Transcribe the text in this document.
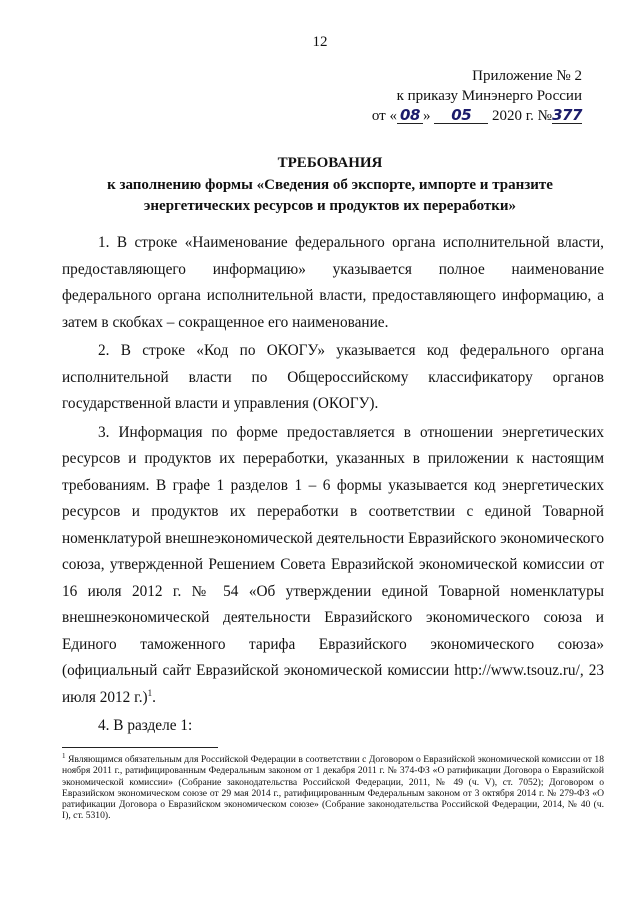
12
Приложение № 2
к приказу Минэнерго России
от « 08 » 05 2020 г. №377
ТРЕБОВАНИЯ
к заполнению формы «Сведения об экспорте, импорте и транзите
энергетических ресурсов и продуктов их переработки»

1. В строке «Наименование федерального органа исполнительной власти, предоставляющего информацию» указывается полное наименование федерального органа исполнительной власти, предоставляющего информацию, а затем в скобках – сокращенное его наименование.

2. В строке «Код по ОКОГУ» указывается код федерального органа исполнительной власти по Общероссийскому классификатору органов государственной власти и управления (ОКОГУ).

3. Информация по форме предоставляется в отношении энергетических ресурсов и продуктов их переработки, указанных в приложении к настоящим требованиям. В графе 1 разделов 1 – 6 формы указывается код энергетических ресурсов и продуктов их переработки в соответствии с единой Товарной номенклатурой внешнеэкономической деятельности Евразийского экономического союза, утвержденной Решением Совета Евразийской экономической комиссии от 16 июля 2012 г. № 54 «Об утверждении единой Товарной номенклатуры внешнеэкономической деятельности Евразийского экономического союза и Единого таможенного тарифа Евразийского экономического союза» (официальный сайт Евразийской экономической комиссии http://www.tsouz.ru/, 23 июля 2012 г.)$^1$.

4. В разделе 1:

$^1$ Являющимся обязательным для Российской Федерации в соответствии с Договором о Евразийской экономической комиссии от 18 ноября 2011 г., ратифицированным Федеральным законом от 1 декабря 2011 г. № 374-ФЗ «О ратификации Договора о Евразийской экономической комиссии» (Собрание законодательства Российской Федерации, 2011, № 49 (ч. V), ст. 7052); Договором о Евразийском экономическом союзе от 29 мая 2014 г., ратифицированным Федеральным законом от 3 октября 2014 г. № 279-ФЗ «О ратификации Договора о Евразийском экономическом союзе» (Собрание законодательства Российской Федерации, 2014, № 40 (ч. I), ст. 5310).
